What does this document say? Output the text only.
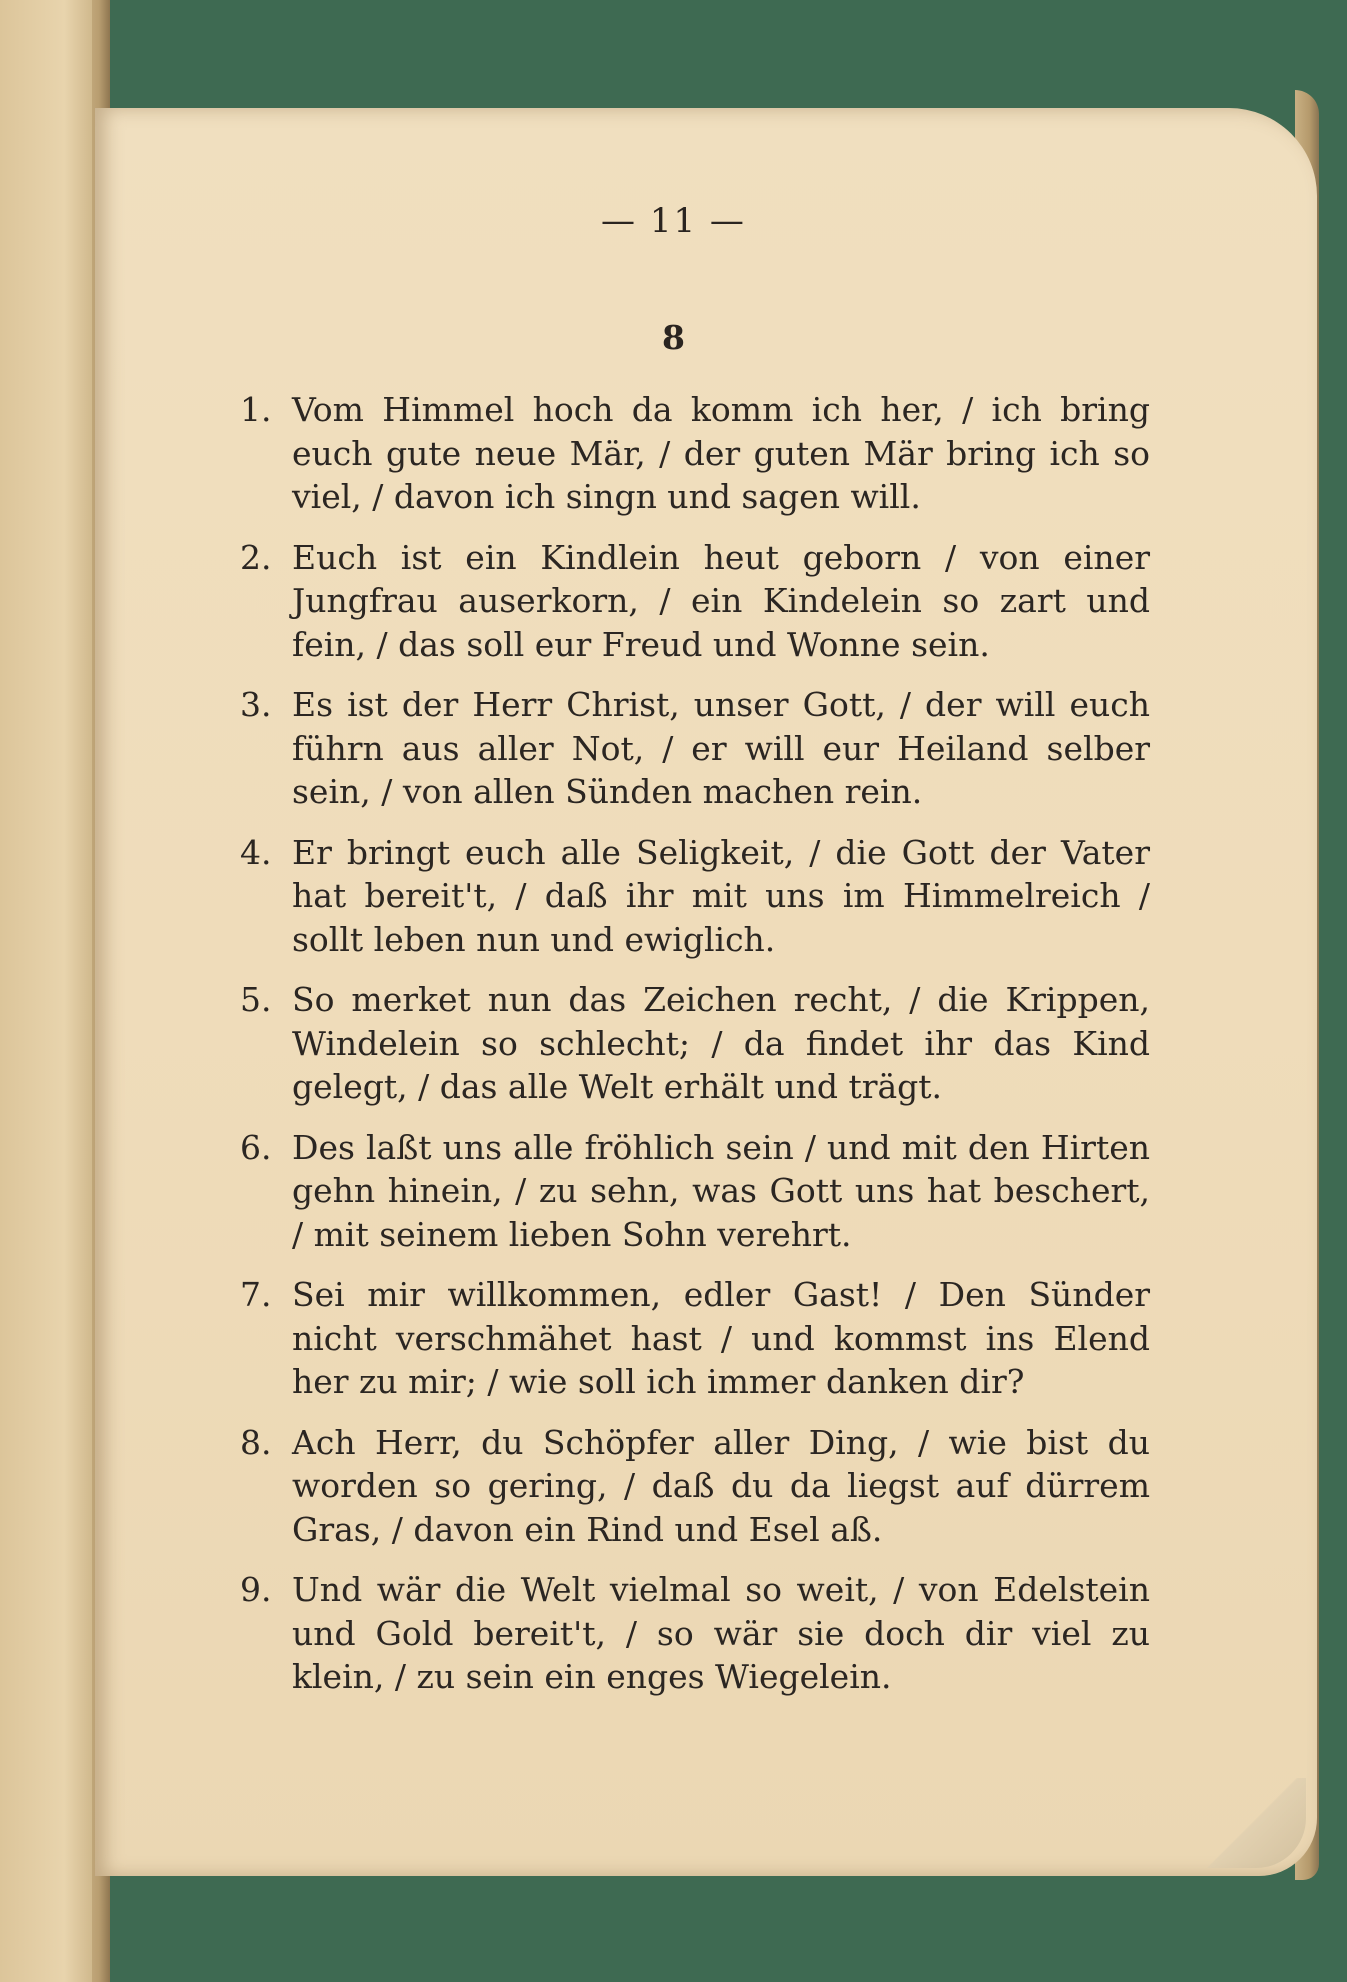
— 11 —
8
1. Vom Himmel hoch da komm ich her, / ich bring euch gute neue Mär, / der guten Mär bring ich so viel, / davon ich singn und sagen will.
2. Euch ist ein Kindlein heut geborn / von einer Jungfrau auserkorn, / ein Kindelein so zart und fein, / das soll eur Freud und Wonne sein.
3. Es ist der Herr Christ, unser Gott, / der will euch führn aus aller Not, / er will eur Heiland selber sein, / von allen Sünden machen rein.
4. Er bringt euch alle Seligkeit, / die Gott der Vater hat bereit't, / daß ihr mit uns im Himmelreich / sollt leben nun und ewiglich.
5. So merket nun das Zeichen recht, / die Krippen, Windelein so schlecht; / da findet ihr das Kind gelegt, / das alle Welt erhält und trägt.
6. Des laßt uns alle fröhlich sein / und mit den Hirten gehn hinein, / zu sehn, was Gott uns hat beschert, / mit seinem lieben Sohn verehrt.
7. Sei mir willkommen, edler Gast! / Den Sünder nicht verschmähet hast / und kommst ins Elend her zu mir; / wie soll ich immer danken dir?
8. Ach Herr, du Schöpfer aller Ding, / wie bist du worden so gering, / daß du da liegst auf dürrem Gras, / davon ein Rind und Esel aß.
9. Und wär die Welt vielmal so weit, / von Edelstein und Gold bereit't, / so wär sie doch dir viel zu klein, / zu sein ein enges Wiegelein.
